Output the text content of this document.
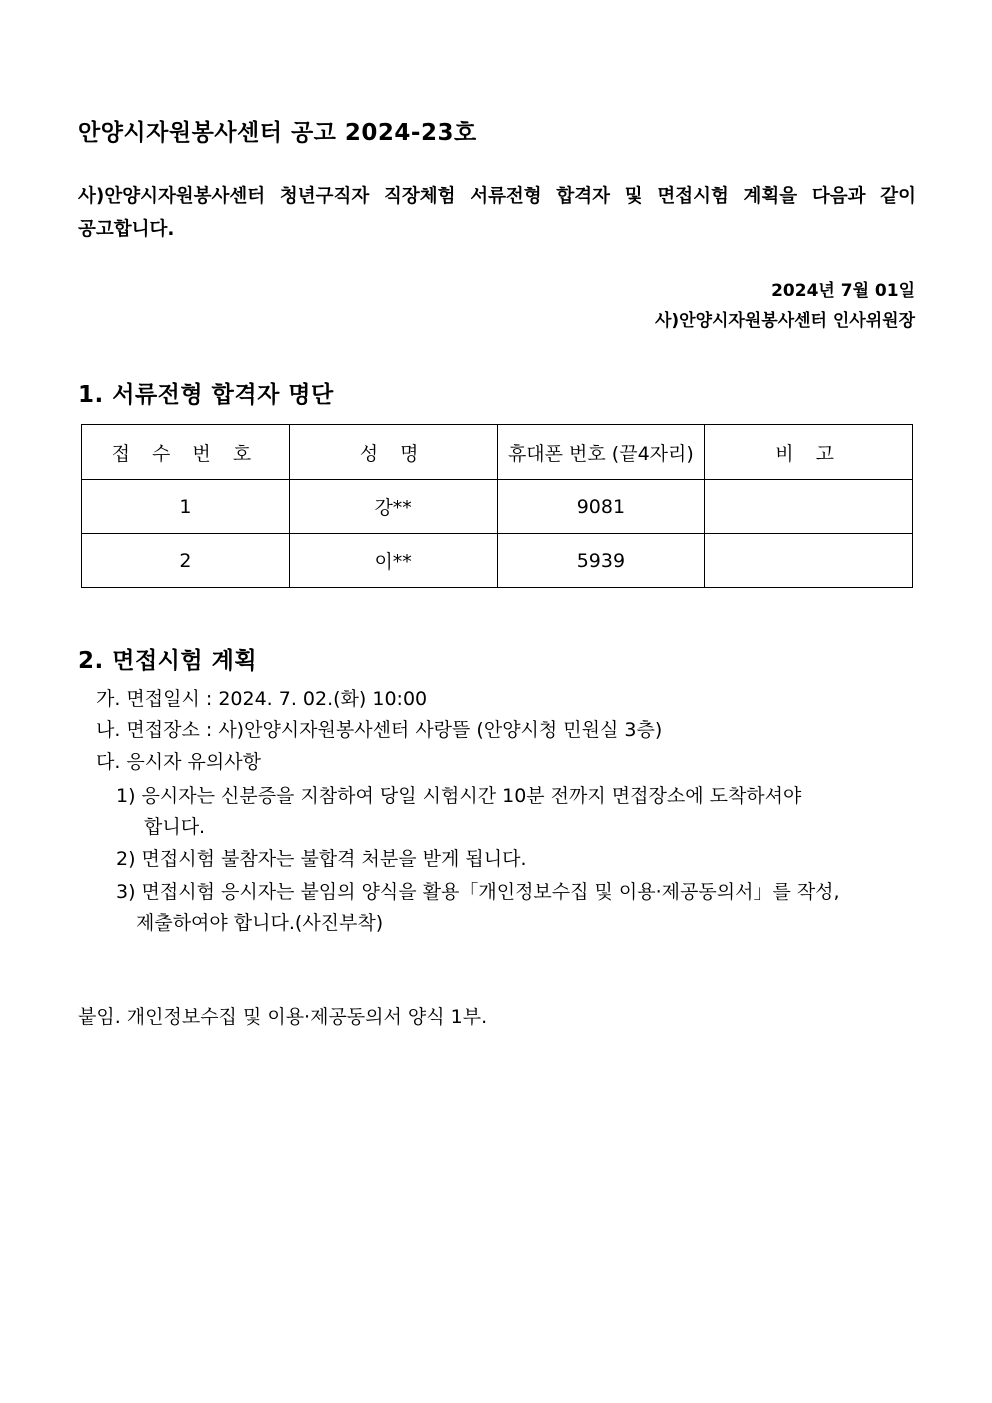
안양시자원봉사센터 공고 2024-23호
사)안양시자원봉사센터 청년구직자 직장체험 서류전형 합격자 및 면접시험 계획을 다음과 같이 공고합니다.
2024년 7월 01일
사)안양시자원봉사센터 인사위원장
1. 서류전형 합격자 명단
접 수 번 호	성 명	휴대폰 번호 (끝4자리)	비 고
1	강**	9081	
2	이**	5939	
2. 면접시험 계획
가. 면접일시 : 2024. 7. 02.(화) 10:00
나. 면접장소 : 사)안양시자원봉사센터 사랑뜰 (안양시청 민원실 3층)
다. 응시자 유의사항
1) 응시자는 신분증을 지참하여 당일 시험시간 10분 전까지 면접장소에 도착하셔야
합니다.
2) 면접시험 불참자는 불합격 처분을 받게 됩니다.
3) 면접시험 응시자는 붙임의 양식을 활용「개인정보수집 및 이용·제공동의서」를 작성,
제출하여야 합니다.(사진부착)
붙임. 개인정보수집 및 이용·제공동의서 양식 1부.
